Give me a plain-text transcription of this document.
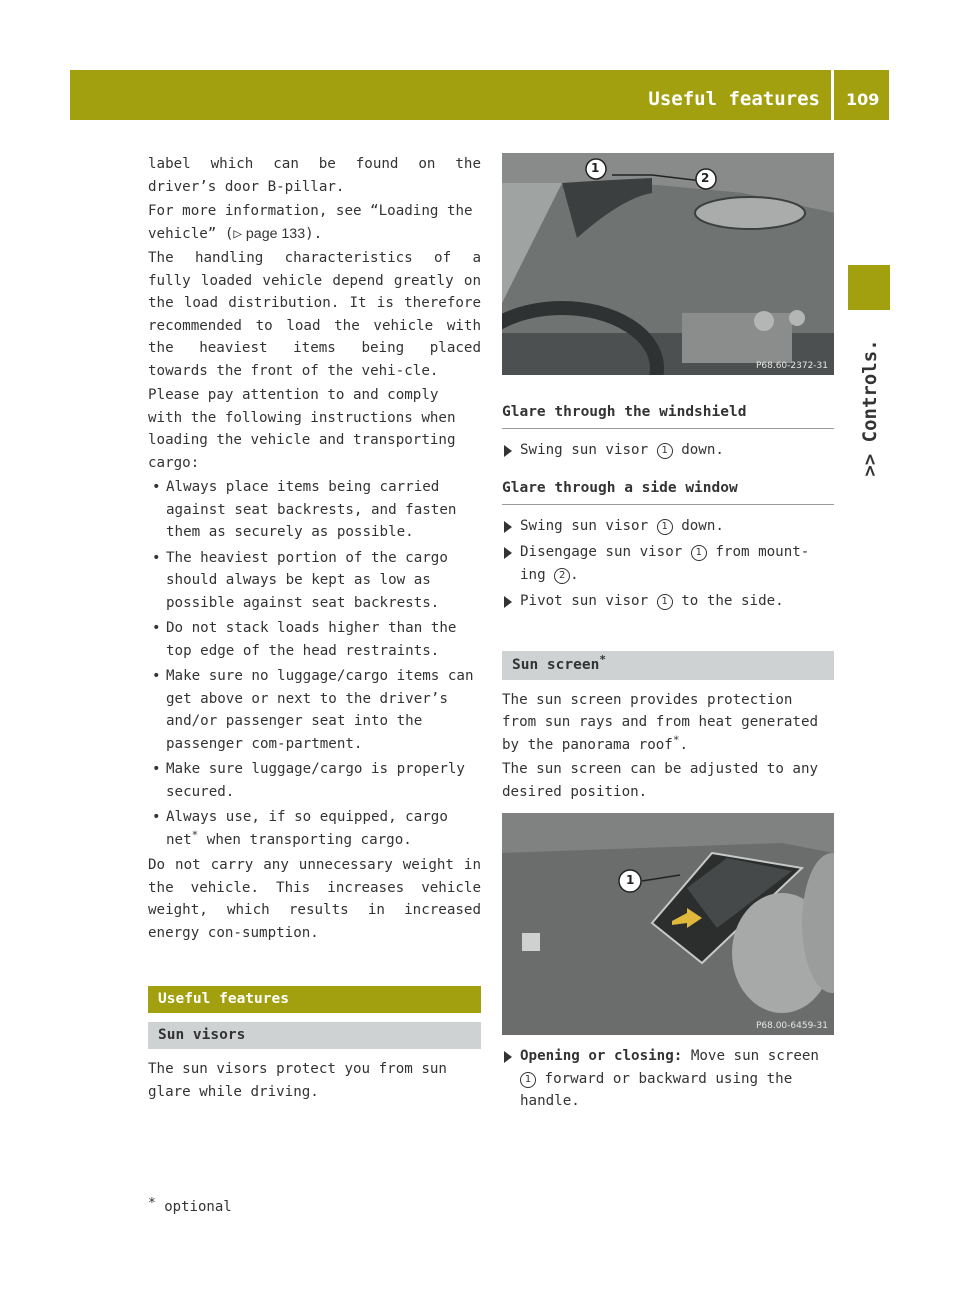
Useful features 109
>> Controls.

label which can be found on the driver’s door B-pillar.

For more information, see “Loading the vehicle” (▷ page 133).

The handling characteristics of a fully loaded vehicle depend greatly on the load distribution. It is therefore recommended to load the vehicle with the heaviest items being placed towards the front of the vehi-cle.

Please pay attention to and comply with the following instructions when loading the vehicle and transporting cargo:

• Always place items being carried against seat backrests, and fasten them as securely as possible.
• The heaviest portion of the cargo should always be kept as low as possible against seat backrests.
• Do not stack loads higher than the top edge of the head restraints.
• Make sure no luggage/cargo items can get above or next to the driver’s and/or passenger seat into the passenger com-partment.
• Make sure luggage/cargo is properly secured.
• Always use, if so equipped, cargo net* when transporting cargo.

Do not carry any unnecessary weight in the vehicle. This increases vehicle weight, which results in increased energy con-sumption.

Useful features
Sun visors

The sun visors protect you from sun glare while driving.

1
2
P68.60-2372-31
Glare through the windshield
Swing sun visor 1 down.
Glare through a side window
Swing sun visor 1 down.
Disengage sun visor 1 from mount-ing 2 .
Pivot sun visor 1 to the side.
Sun screen*

The sun screen provides protection from sun rays and from heat generated by the panorama roof*.

The sun screen can be adjusted to any desired position.

1
P68.00-6459-31
Opening or closing: Move sun screen 1 forward or backward using the handle.
* optional
